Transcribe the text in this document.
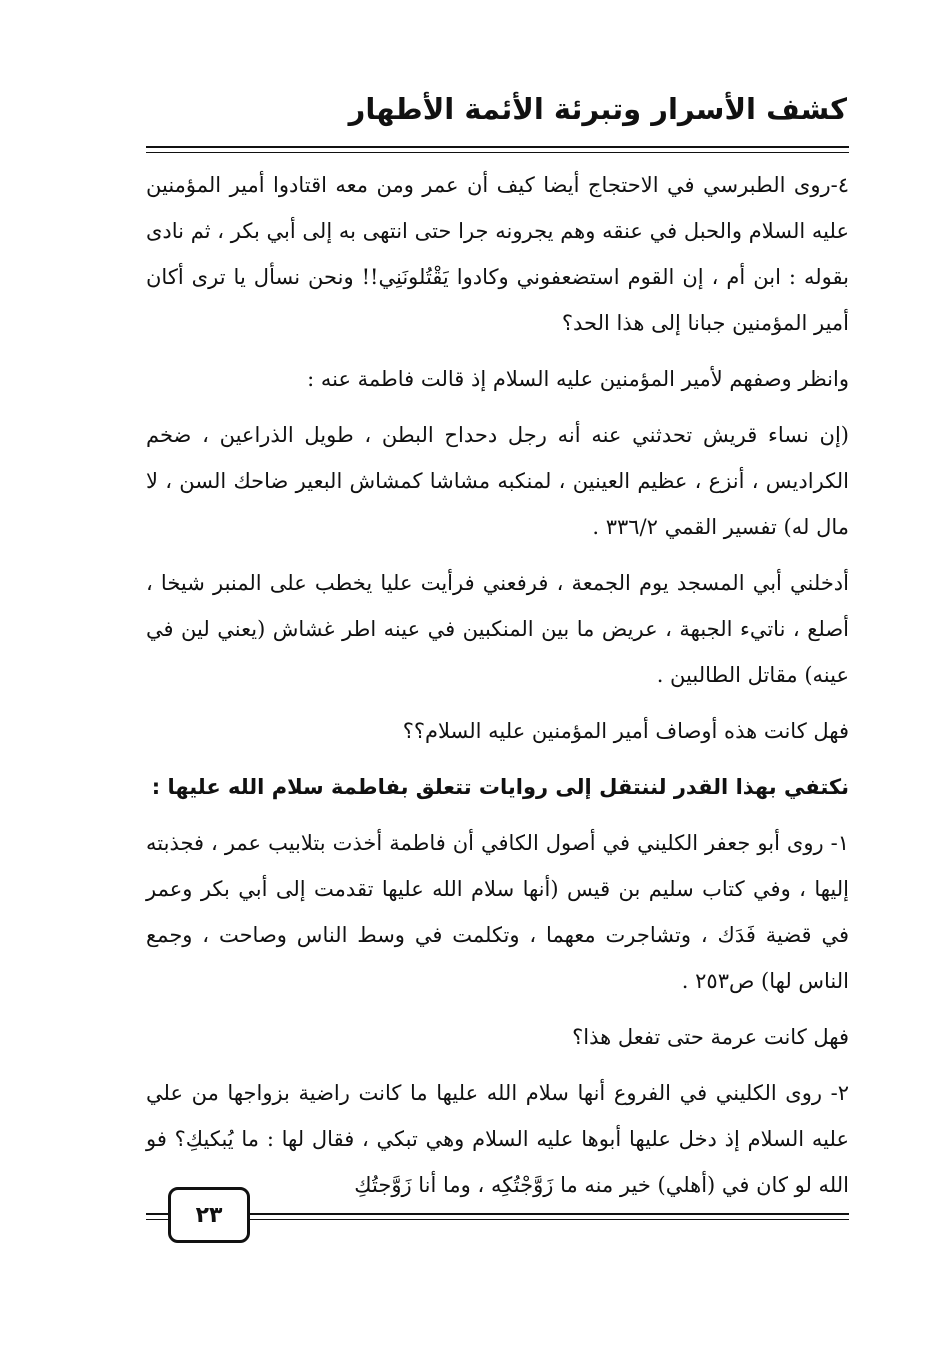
كشف الأسرار وتبرئة الأئمة الأطهار

٤-روى الطبرسي في الاحتجاج أيضا كيف أن عمر ومن معه اقتادوا أمير المؤمنين عليه السلام والحبل في عنقه وهم يجرونه جرا حتى انتهى به إلى أبي بكر ، ثم نادى بقوله : ابن أم ، إن القوم استضعفوني وكادوا يَقْتُلونَنِي!! ونحن نسأل يا ترى أكان أمير المؤمنين جبانا إلى هذا الحد؟

وانظر وصفهم لأمير المؤمنين عليه السلام إذ قالت فاطمة عنه :

(إن نساء قريش تحدثني عنه أنه رجل دحداح البطن ، طويل الذراعين ، ضخم الكراديس ، أنزع ، عظيم العينين ، لمنكبه مشاشا كمشاش البعير ضاحك السن ، لا مال له) تفسير القمي ٣٣٦/٢ .

أدخلني أبي المسجد يوم الجمعة ، فرفعني فرأيت عليا يخطب على المنبر شيخا ، أصلع ، ناتيء الجبهة ، عريض ما بين المنكبين في عينه اطر غشاش (يعني لين في عينه) مقاتل الطالبين .

فهل كانت هذه أوصاف أمير المؤمنين عليه السلام؟؟

نكتفي بهذا القدر لننتقل إلى روايات تتعلق بفاطمة سلام الله عليها :

١- روى أبو جعفر الكليني في أصول الكافي أن فاطمة أخذت بتلابيب عمر ، فجذبته إليها ، وفي كتاب سليم بن قيس (أنها سلام الله عليها تقدمت إلى أبي بكر وعمر في قضية فَدَك ، وتشاجرت معهما ، وتكلمت في وسط الناس وصاحت ، وجمع الناس لها) ص٢٥٣ .

فهل كانت عرمة حتى تفعل هذا؟

٢- روى الكليني في الفروع أنها سلام الله عليها ما كانت راضية بزواجها من علي عليه السلام إذ دخل عليها أبوها عليه السلام وهي تبكي ، فقال لها : ما يُبكيكِ؟ فو الله لو كان في (أهلي) خير منه ما زَوَّجْتُكِه ، وما أنا زَوَّجتُكِ

٢٣
